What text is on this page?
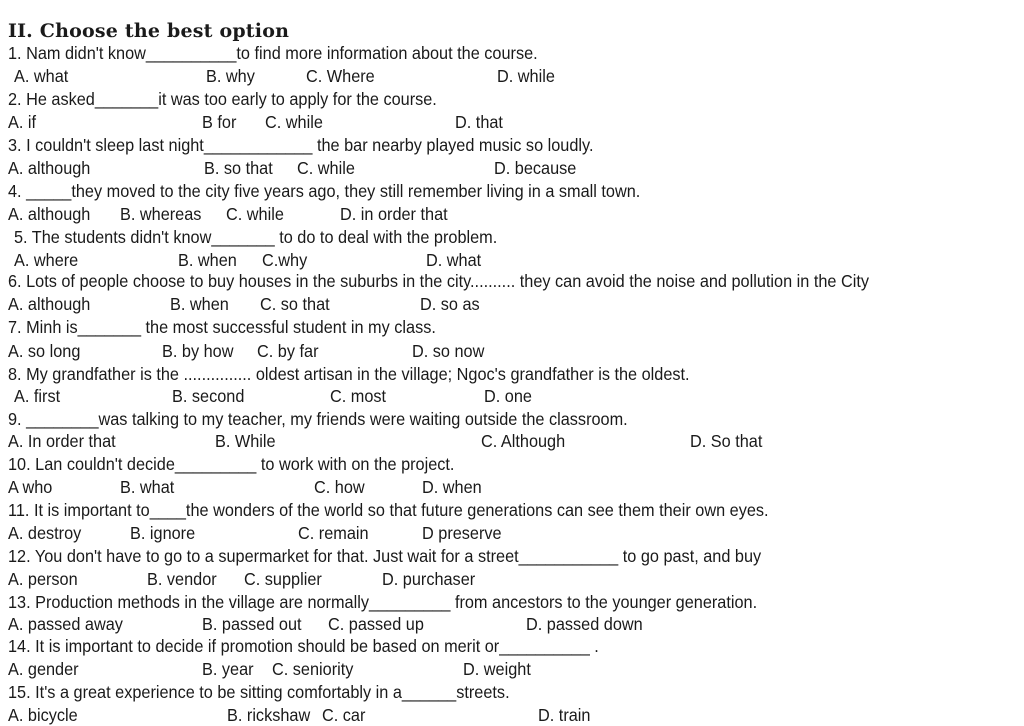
II. Choose the best option
1. Nam didn't know__________to find more information about the course.
A. what	B. why	C. Where	D. while
2. He asked_______it was too early to apply for the course.
A. if	B for C. while	D. that
3. I couldn't sleep last night____________ the bar nearby played music so loudly.
A. although	B. so that C. while	D. because
4. _____they moved to the city five years ago, they still remember living in a small town.
A. although B. whereas C. while	D. in order that
5. The students didn't know_______ to do to deal with the problem.
A. where	B. when C.why	D. what
6. Lots of people choose to buy houses in the suburbs in the city.......... they can avoid the noise and pollution in the City
A. although	B. when C. so that	D. so as
7. Minh is_______ the most successful student in my class.
A. so long	B. by how C. by far	D. so now
8. My grandfather is the ............... oldest artisan in the village; Ngoc's grandfather is the oldest.
A. first	B. second	C. most	D. one
9. ________was talking to my teacher, my friends were waiting outside the classroom.
A. In order that	B. While	C. Although	D. So that
10. Lan couldn't decide_________ to work with on the project.
A who	B. what	C. how	D. when
11. It is important to____the wonders of the world so that future generations can see them their own eyes.
A. destroy	B. ignore	C. remain	D preserve
12. You don't have to go to a supermarket for that. Just wait for a street___________ to go past, and buy
A. person	B. vendor C. supplier	D. purchaser
13. Production methods in the village are normally_________ from ancestors to the younger generation.
A. passed away	B. passed out C. passed up	D. passed down
14. It is important to decide if promotion should be based on merit or__________ .
A. gender	B. year C. seniority	D. weight
15. It's a great experience to be sitting comfortably in a______streets.
A. bicycle	B. rickshaw C. car	D. train
